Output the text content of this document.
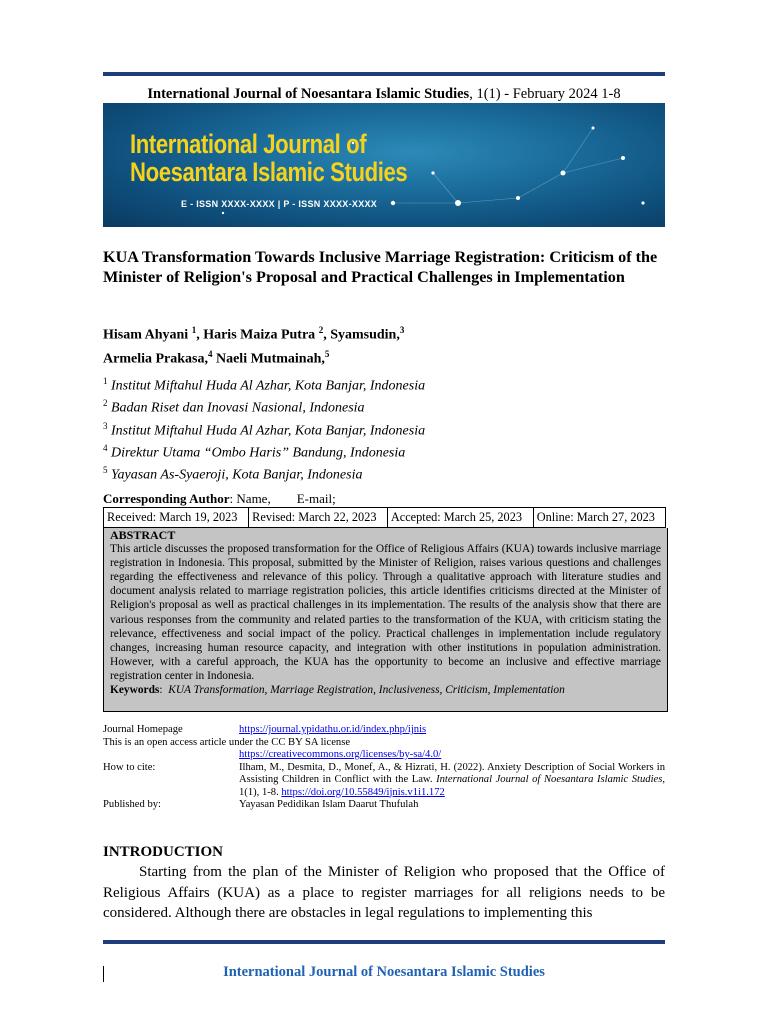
International Journal of Noesantara Islamic Studies, 1(1) - February 2024 1-8
International Journal of
Noesantara Islamic Studies
E - ISSN XXXX-XXXX | P - ISSN XXXX-XXXX
KUA Transformation Towards Inclusive Marriage Registration: Criticism of the Minister of Religion's Proposal and Practical Challenges in Implementation
Hisam Ahyani $^1$, Haris Maiza Putra $^2$, Syamsudin,$^3$
Armelia Prakasa,$^4$ Naeli Mutmainah,$^5$
$^1$ Institut Miftahul Huda Al Azhar, Kota Banjar, Indonesia
$^2$ Badan Riset dan Inovasi Nasional, Indonesia
$^3$ Institut Miftahul Huda Al Azhar, Kota Banjar, Indonesia
$^4$ Direktur Utama “Ombo Haris” Bandung, Indonesia
$^5$ Yayasan As-Syaeroji, Kota Banjar, Indonesia
Corresponding Author: Name,        E-mail;
Received: March 19, 2023	Revised: March 22, 2023	Accepted: March 25, 2023	Online: March 27, 2023
ABSTRACT
This article discusses the proposed transformation for the Office of Religious Affairs (KUA) towards inclusive marriage registration in Indonesia. This proposal, submitted by the Minister of Religion, raises various questions and challenges regarding the effectiveness and relevance of this policy. Through a qualitative approach with literature studies and document analysis related to marriage registration policies, this article identifies criticisms directed at the Minister of Religion's proposal as well as practical challenges in its implementation. The results of the analysis show that there are various responses from the community and related parties to the transformation of the KUA, with criticism stating the relevance, effectiveness and social impact of the policy. Practical challenges in implementation include regulatory changes, increasing human resource capacity, and integration with other institutions in population administration. However, with a careful approach, the KUA has the opportunity to become an inclusive and effective marriage registration center in Indonesia.
Keywords:  KUA Transformation, Marriage Registration, Inclusiveness, Criticism, Implementation
Journal Homepage	https://journal.ypidathu.or.id/index.php/ijnis
This is an open access article under the CC BY SA license
https://creativecommons.org/licenses/by-sa/4.0/
How to cite:	Ilham, M., Desmita, D., Monef, A., & Hizrati, H. (2022). Anxiety Description of Social Workers in Assisting Children in Conflict with the Law. International Journal of Noesantara Islamic Studies, 1(1), 1-8. https://doi.org/10.55849/ijnis.v1i1.172
Published by:	Yayasan Pedidikan Islam Daarut Thufulah
INTRODUCTION
Starting from the plan of the Minister of Religion who proposed that the Office of Religious Affairs (KUA) as a place to register marriages for all religions needs to be considered. Although there are obstacles in legal regulations to implementing this
International Journal of Noesantara Islamic Studies
